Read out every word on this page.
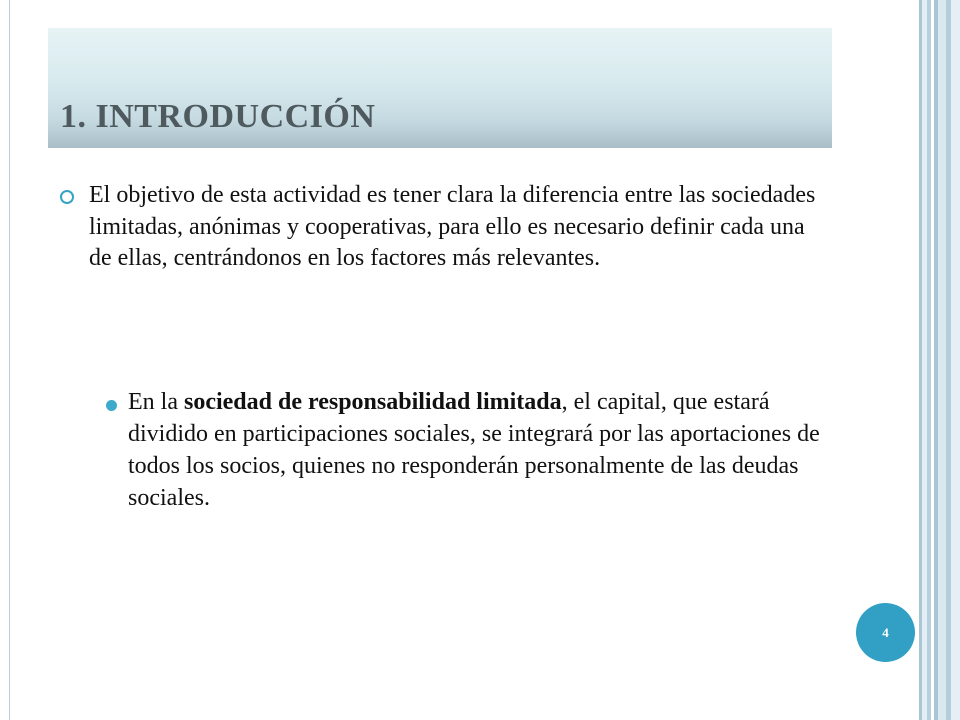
1. INTRODUCCIÓN
El objetivo de esta actividad es tener clara la diferencia entre las sociedades limitadas, anónimas y cooperativas, para ello es necesario definir cada una de ellas, centrándonos en los factores más relevantes.
En la sociedad de responsabilidad limitada, el capital, que estará dividido en participaciones sociales, se integrará por las aportaciones de todos los socios, quienes no responderán personalmente de las deudas sociales.
4
